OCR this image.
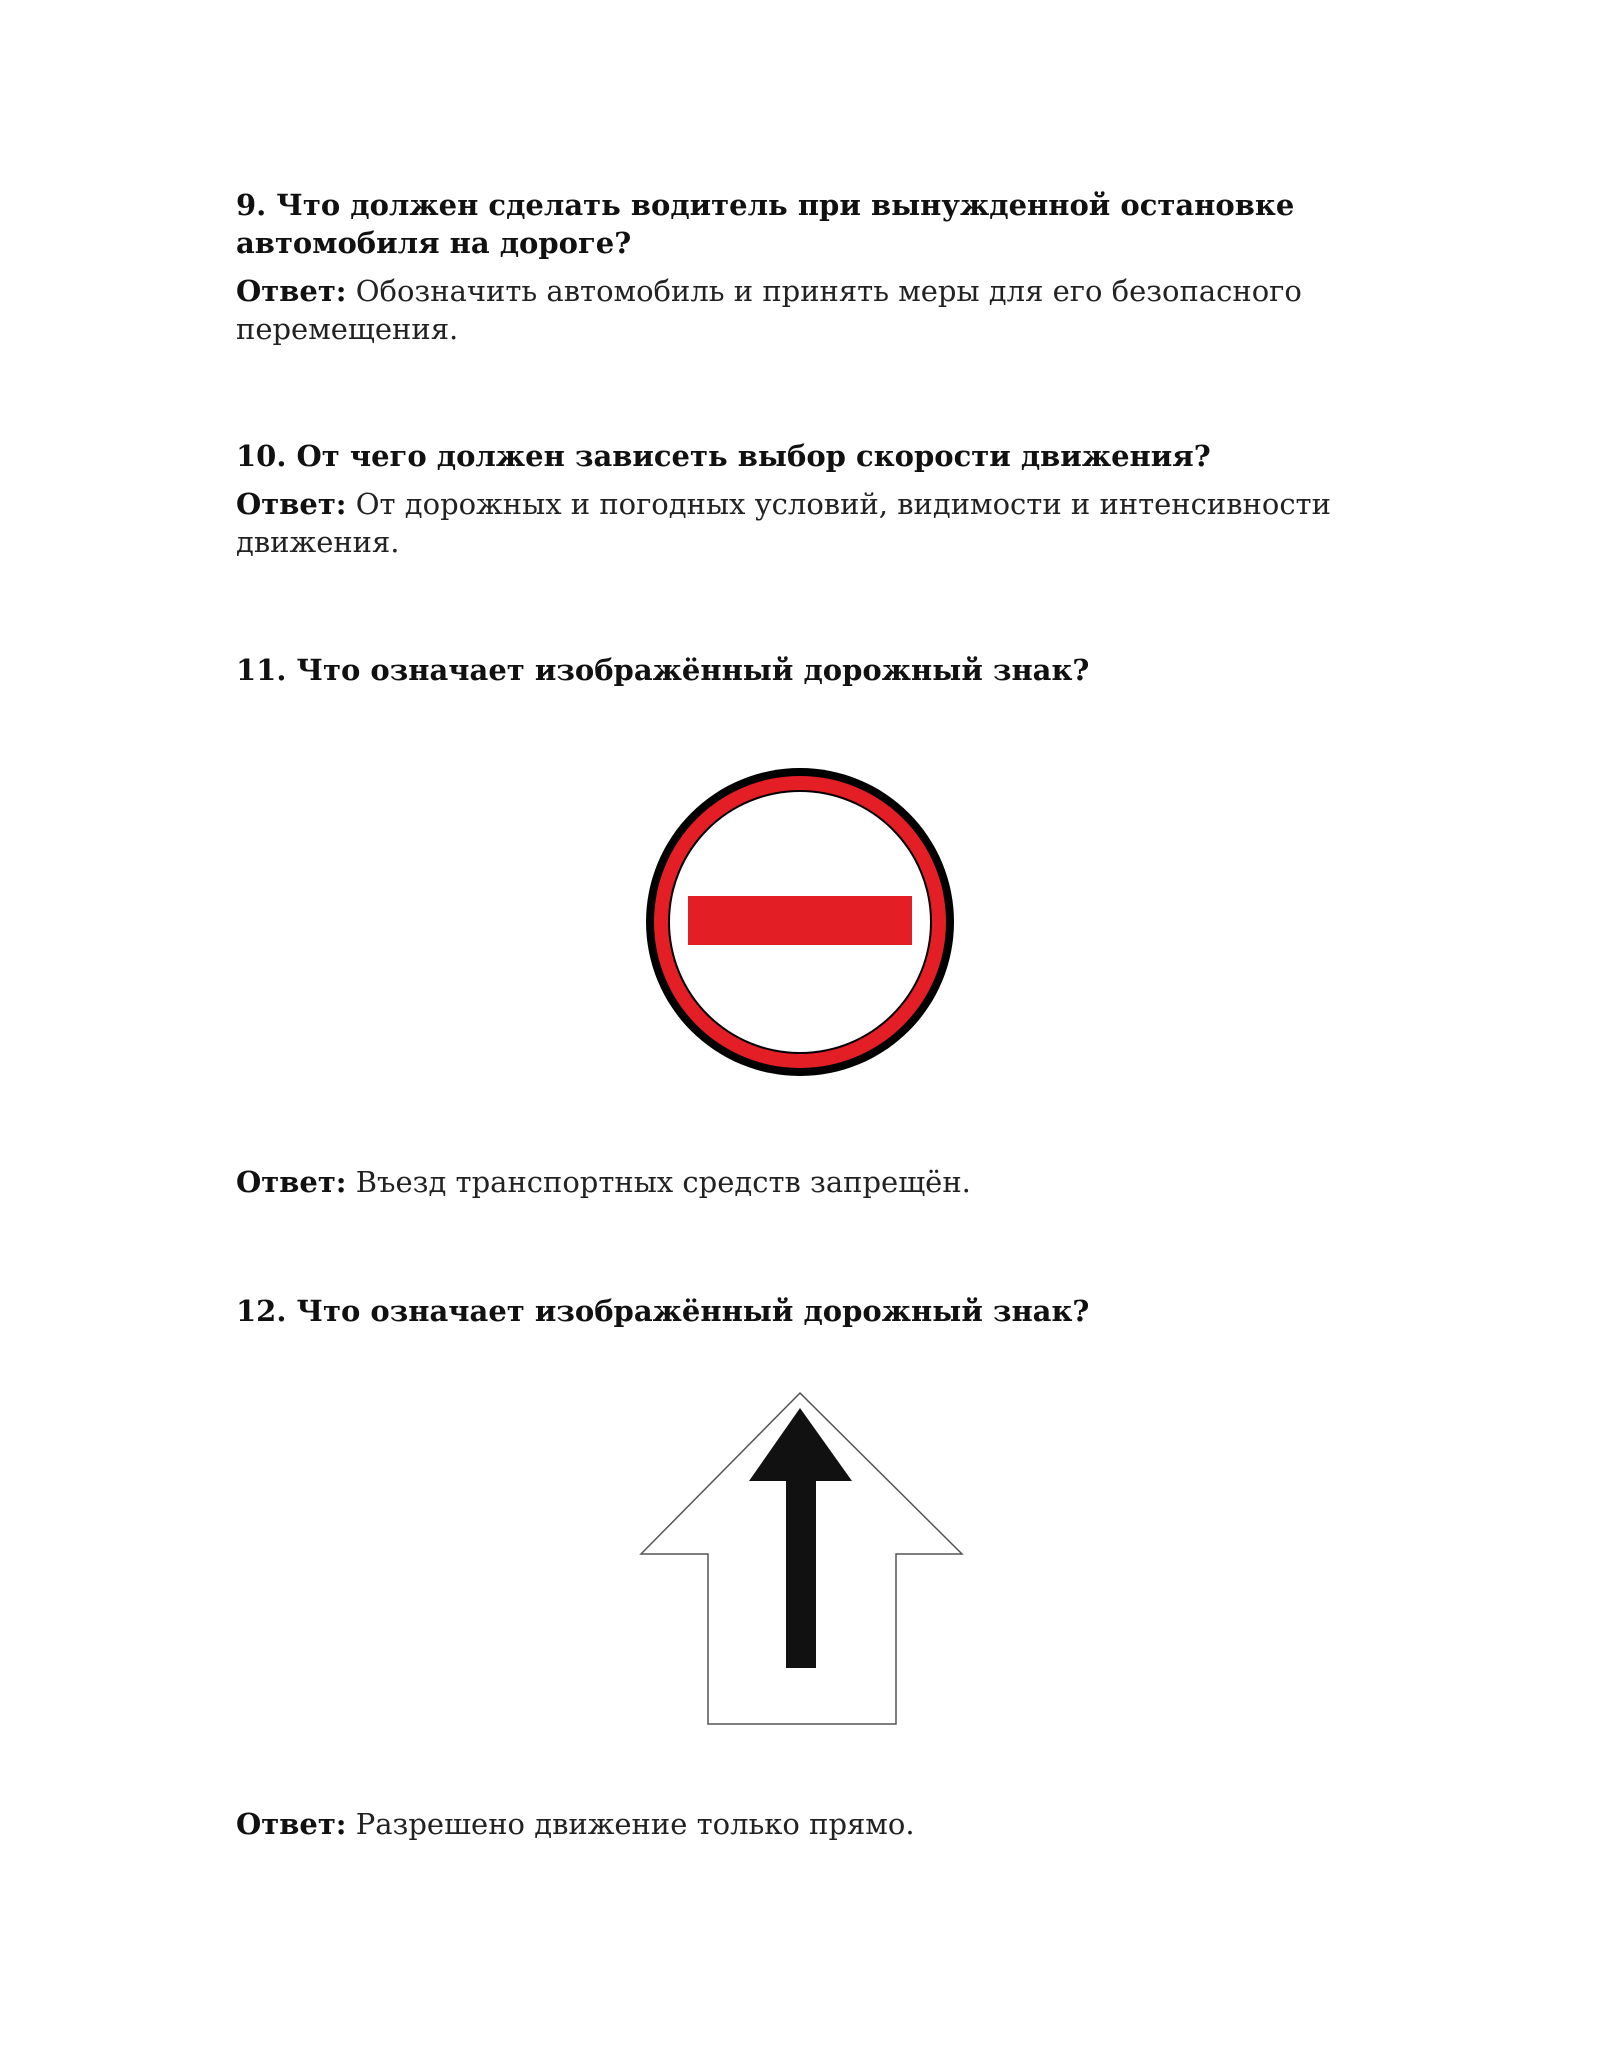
9. Что должен сделать водитель при вынужденной остановке автомобиля на дороге?

Ответ: Обозначить автомобиль и принять меры для его безопасного перемещения.

10. От чего должен зависеть выбор скорости движения?

Ответ: От дорожных и погодных условий, видимости и интенсивности движения.

11. Что означает изображённый дорожный знак?

Ответ: Въезд транспортных средств запрещён.

12. Что означает изображённый дорожный знак?

Ответ: Разрешено движение только прямо.
